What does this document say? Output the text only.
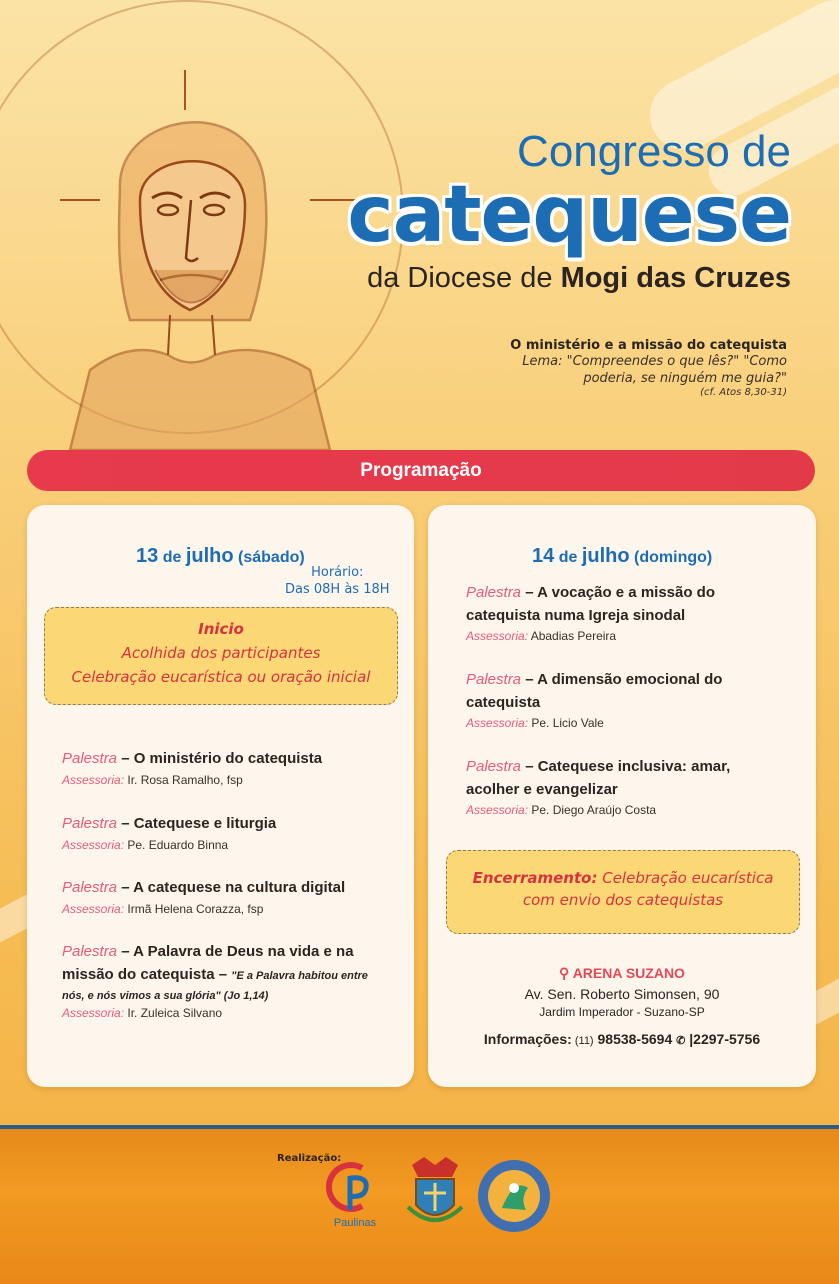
Congresso de
catequese
da Diocese de Mogi das Cruzes
O ministério e a missão do catequista
Lema: "Compreendes o que lês?" "Como
poderia, se ninguém me guia?"
(cf. Atos 8,30-31)
Programação
13 de julho (sábado)
Horário:
Das 08H às 18H
Inicio
Acolhida dos participantes
Celebração eucarística ou oração inicial
Palestra – O ministério do catequista
Assessoria: Ir. Rosa Ramalho, fsp
Palestra – Catequese e liturgia
Assessoria: Pe. Eduardo Binna
Palestra – A catequese na cultura digital
Assessoria: Irmã Helena Corazza, fsp
Palestra – A Palavra de Deus na vida e na
missão do catequista – "E a Palavra habitou entre
nós, e nós vimos a sua glória" (Jo 1,14)
Assessoria: Ir. Zuleica Silvano
14 de julho (domingo)
Palestra – A vocação e a missão do
catequista numa Igreja sinodal
Assessoria: Abadias Pereira
Palestra – A dimensão emocional do
catequista
Assessoria: Pe. Licio Vale
Palestra – Catequese inclusiva: amar,
acolher e evangelizar
Assessoria: Pe. Diego Araújo Costa
Encerramento: Celebração eucarística
com envio dos catequistas
⚲ ARENA SUZANO
Av. Sen. Roberto Simonsen, 90
Jardim Imperador - Suzano-SP
Informações: (11) 98538-5694 ✆ |2297-5756
Realização:
Paulinas
